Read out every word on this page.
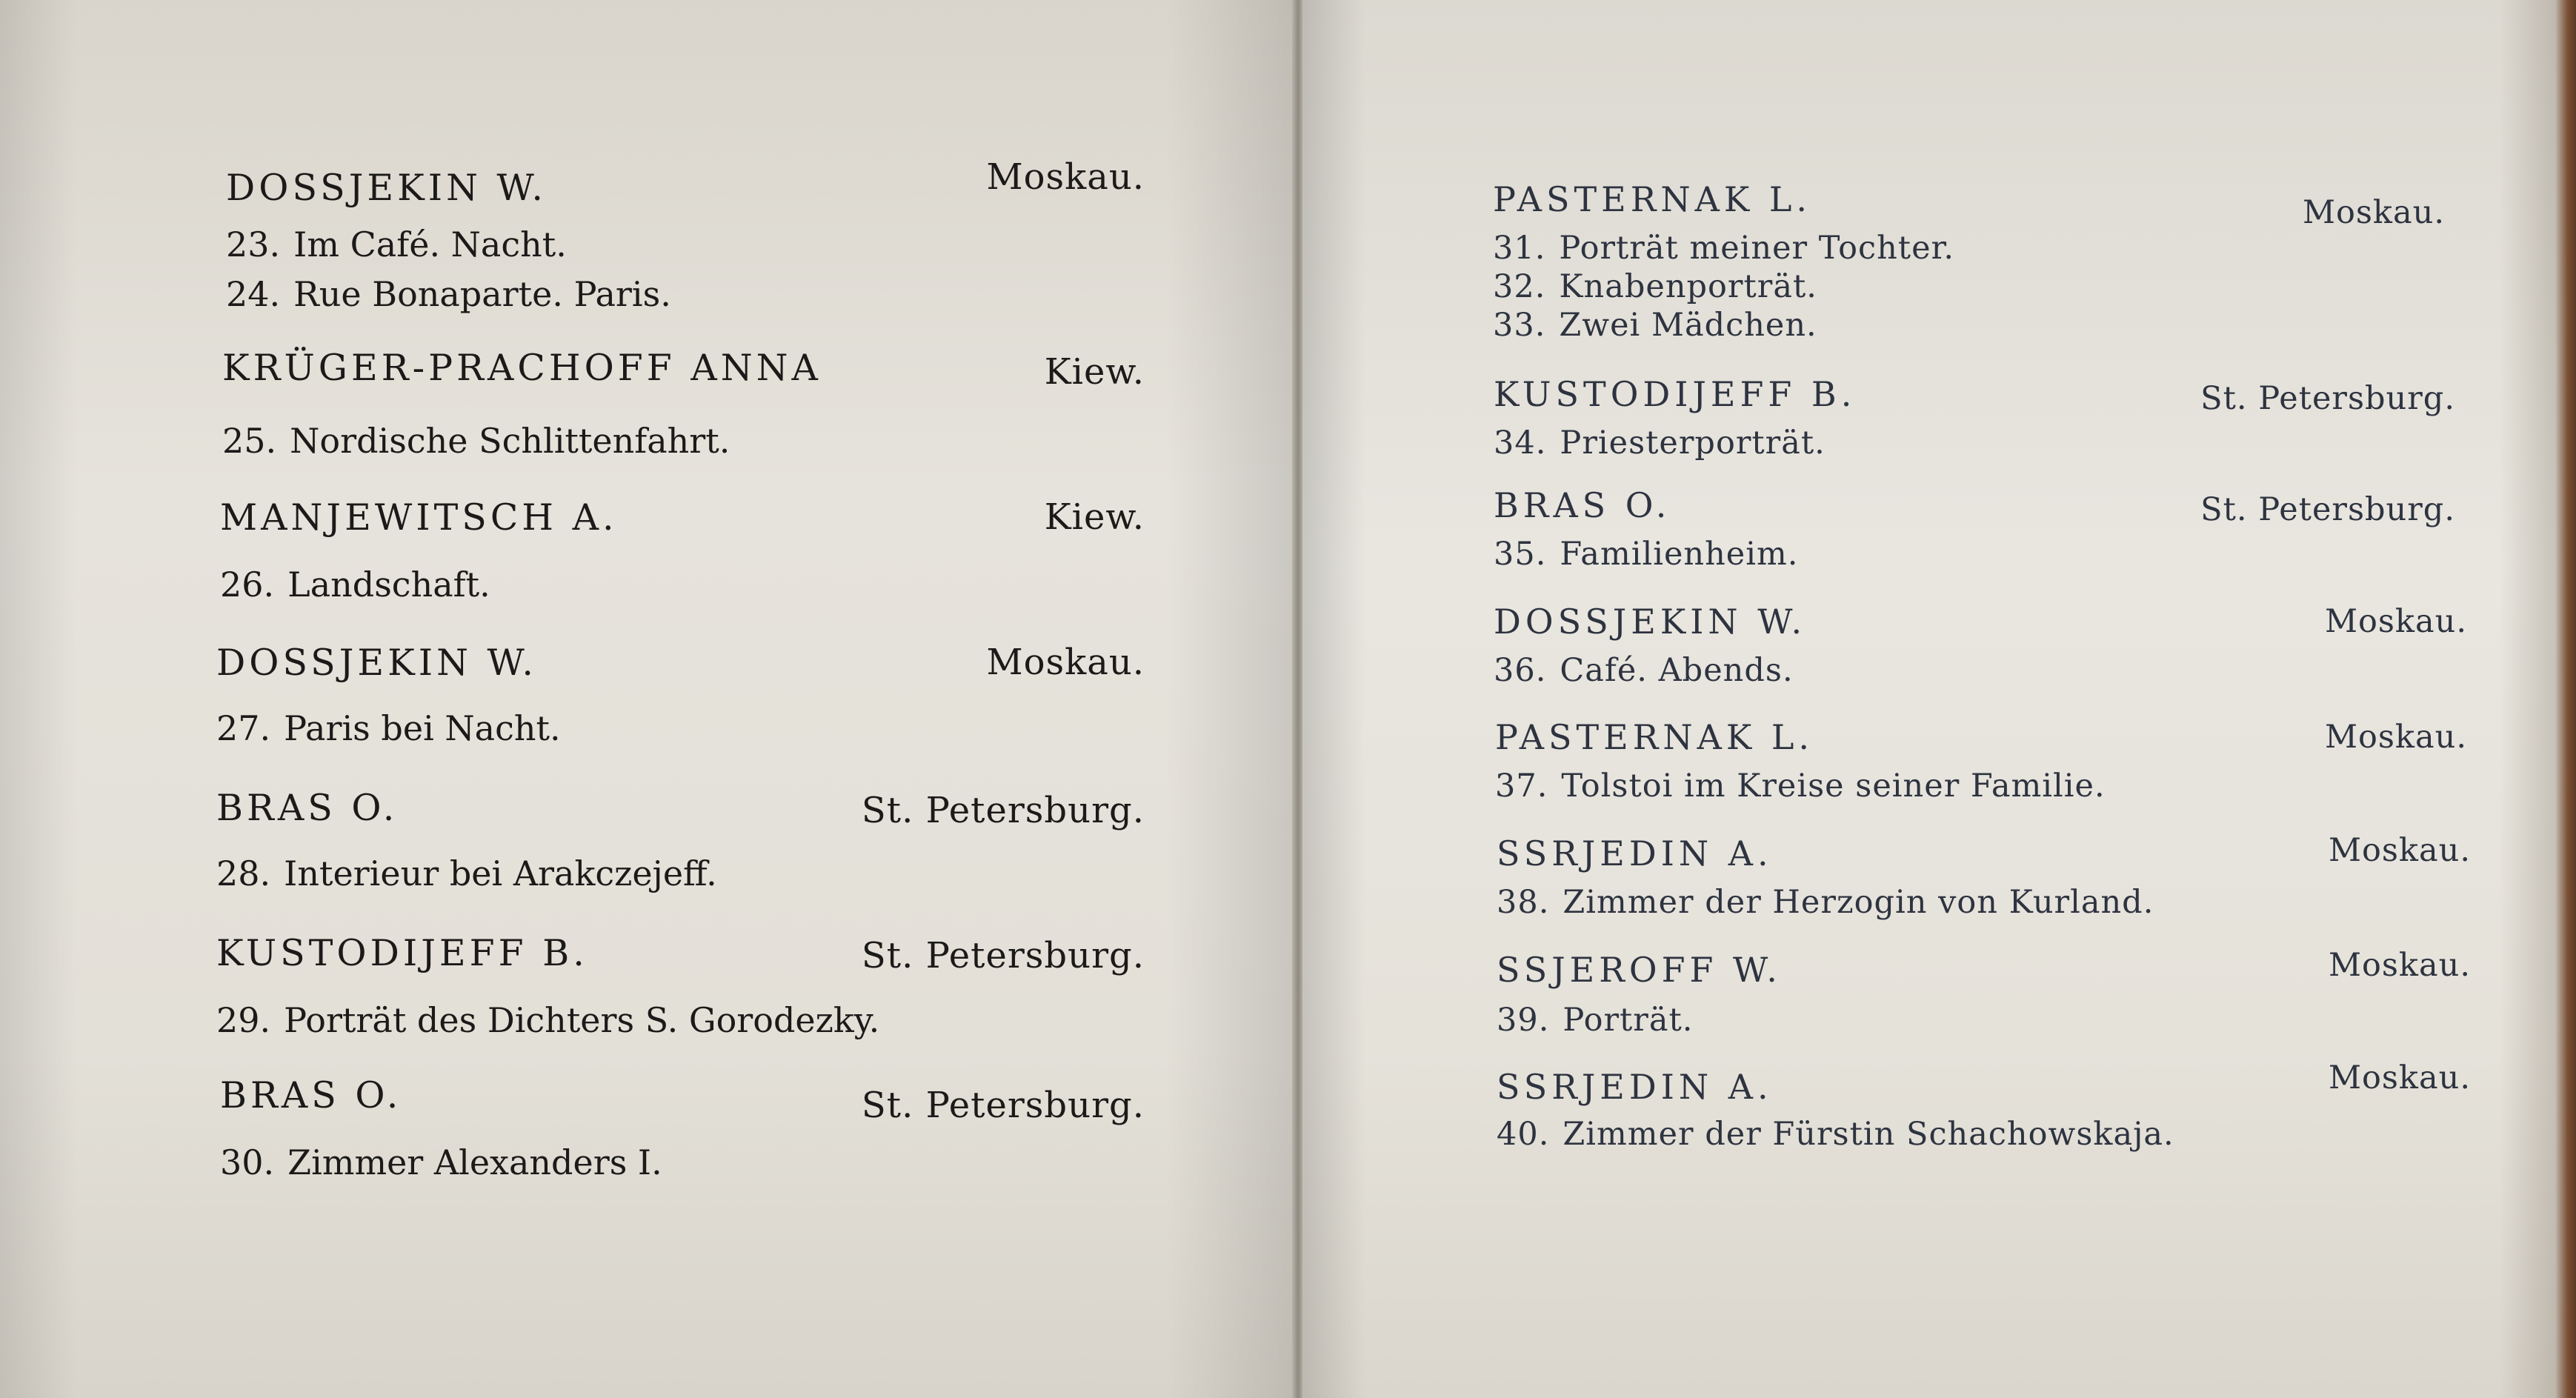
DOSSJEKIN W.	Moskau.
23. Im Café. Nacht.
24. Rue Bonaparte. Paris.
KRÜGER-PRACHOFF ANNA	Kiew.
25. Nordische Schlittenfahrt.
MANJEWITSCH A.	Kiew.
26. Landschaft.
DOSSJEKIN W.	Moskau.
27. Paris bei Nacht.
BRAS O.	St. Petersburg.
28. Interieur bei Arakczejeff.
KUSTODIJEFF B.	St. Petersburg.
29. Porträt des Dichters S. Gorodezky.
BRAS O.	St. Petersburg.
30. Zimmer Alexanders I.
PASTERNAK L.	Moskau.
31. Porträt meiner Tochter.
32. Knabenporträt.
33. Zwei Mädchen.
KUSTODIJEFF B.	St. Petersburg.
34. Priesterporträt.
BRAS O.	St. Petersburg.
35. Familienheim.
DOSSJEKIN W.	Moskau.
36. Café. Abends.
PASTERNAK L.	Moskau.
37. Tolstoi im Kreise seiner Familie.
SSRJEDIN A.	Moskau.
38. Zimmer der Herzogin von Kurland.
SSJEROFF W.	Moskau.
39. Porträt.
SSRJEDIN A.	Moskau.
40. Zimmer der Fürstin Schachowskaja.
